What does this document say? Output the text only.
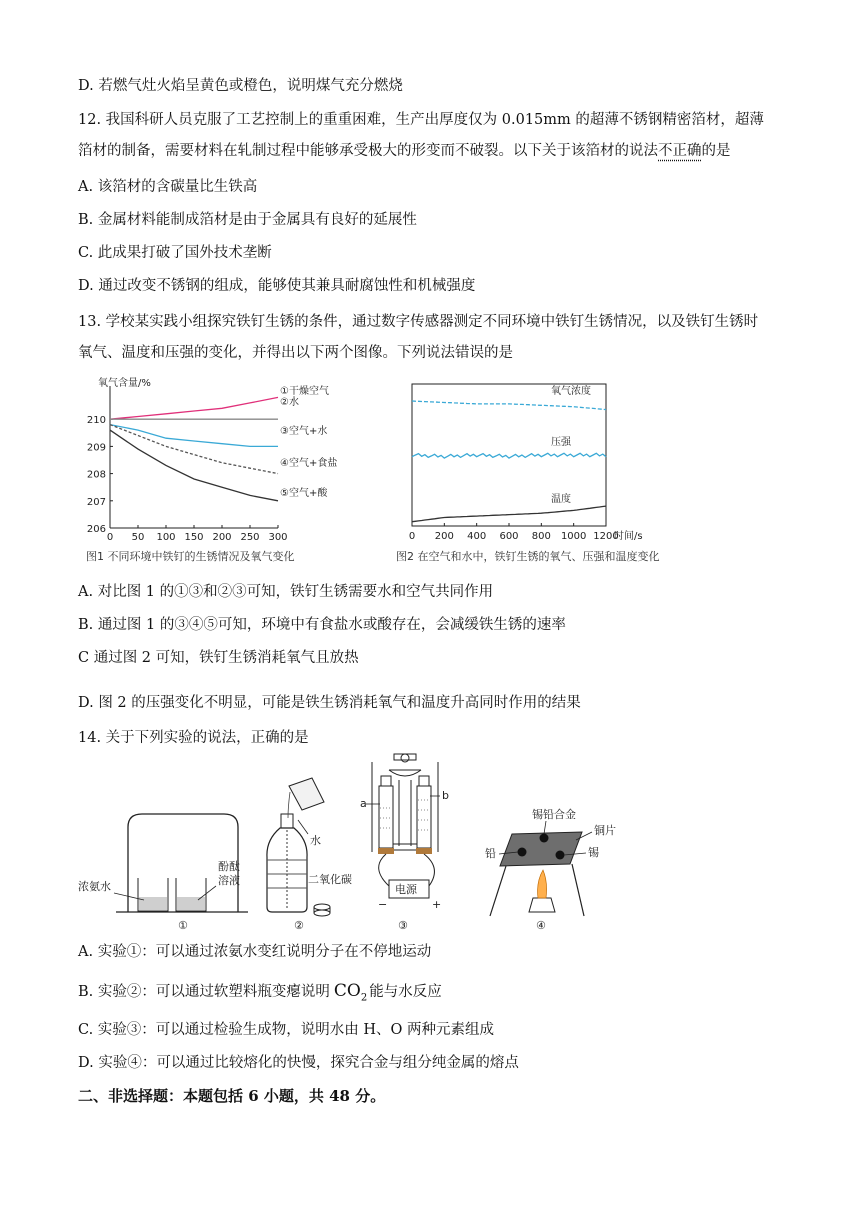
D. 若燃气灶火焰呈黄色或橙色，说明煤气充分燃烧
12. 我国科研人员克服了工艺控制上的重重困难，生产出厚度仅为 0.015mm 的超薄不锈钢精密箔材，超薄
箔材的制备，需要材料在轧制过程中能够承受极大的形变而不破裂。以下关于该箔材的说法不正确的是
A. 该箔材的含碳量比生铁高
B. 金属材料能制成箔材是由于金属具有良好的延展性
C. 此成果打破了国外技术垄断
D. 通过改变不锈钢的组成，能够使其兼具耐腐蚀性和机械强度
13. 学校某实践小组探究铁钉生锈的条件，通过数字传感器测定不同环境中铁钉生锈情况，以及铁钉生锈时
氧气、温度和压强的变化，并得出以下两个图像。下列说法错误的是
氧气含量/%
206
207
208
209
210
0 50 100 150 200 250 300
①干燥空气
②水
③空气+水
④空气+食盐
⑤空气+酸
图1 不同环境中铁钉的生锈情况及氧气变化
0 200 400 600 800 1000 1200
时间/s
氧气浓度
压强
温度
图2 在空气和水中，铁钉生锈的氧气、压强和温度变化
A. 对比图 1 的①③和②③可知，铁钉生锈需要水和空气共同作用
B. 通过图 1 的③④⑤可知，环境中有食盐水或酸存在，会减缓铁生锈的速率
C 通过图 2 可知，铁钉生锈消耗氧气且放热
D. 图 2 的压强变化不明显，可能是铁生锈消耗氧气和温度升高同时作用的结果
14. 关于下列实验的说法，正确的是
浓氨水
酚酞
溶液
①
水
二氧化碳
②
a
b
电源
−	+
③
锡铅合金
铜片
锡
铅
④
A. 实验①：可以通过浓氨水变红说明分子在不停地运动
B. 实验②：可以通过软塑料瓶变瘪说明 $CO_2$ 能与水反应
C. 实验③：可以通过检验生成物，说明水由 H、O 两种元素组成
D. 实验④：可以通过比较熔化的快慢，探究合金与组分纯金属的熔点
二、非选择题：本题包括 6 小题，共 48 分。
